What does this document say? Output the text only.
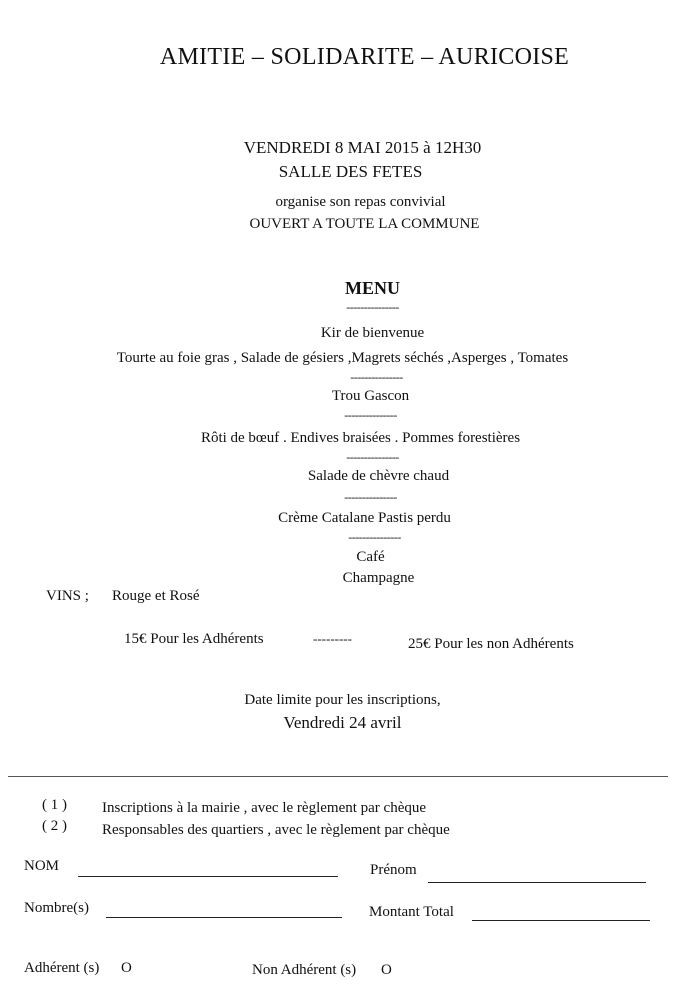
AMITIE – SOLIDARITE – AURICOISE
VENDREDI 8 MAI 2015 à 12H30
SALLE DES FETES
organise son repas convivial
OUVERT A TOUTE LA COMMUNE
MENU
---------------
Kir de bienvenue
Tourte au foie gras , Salade de gésiers ,Magrets séchés ,Asperges , Tomates
---------------
Trou Gascon
---------------
Rôti de bœuf . Endives braisées . Pommes forestières
---------------
Salade de chèvre chaud
---------------
Crème Catalane Pastis perdu
---------------
Café
Champagne
VINS ; Rouge et Rosé
15€ Pour les Adhérents	---------	25€ Pour les non Adhérents
Date limite pour les inscriptions,
Vendredi 24 avril
( 1 ) Inscriptions à la mairie , avec le règlement par chèque
( 2 ) Responsables des quartiers , avec le règlement par chèque
NOM	Prénom
Nombre(s)	Montant Total
Adhérent (s) O	Non Adhérent (s) O
